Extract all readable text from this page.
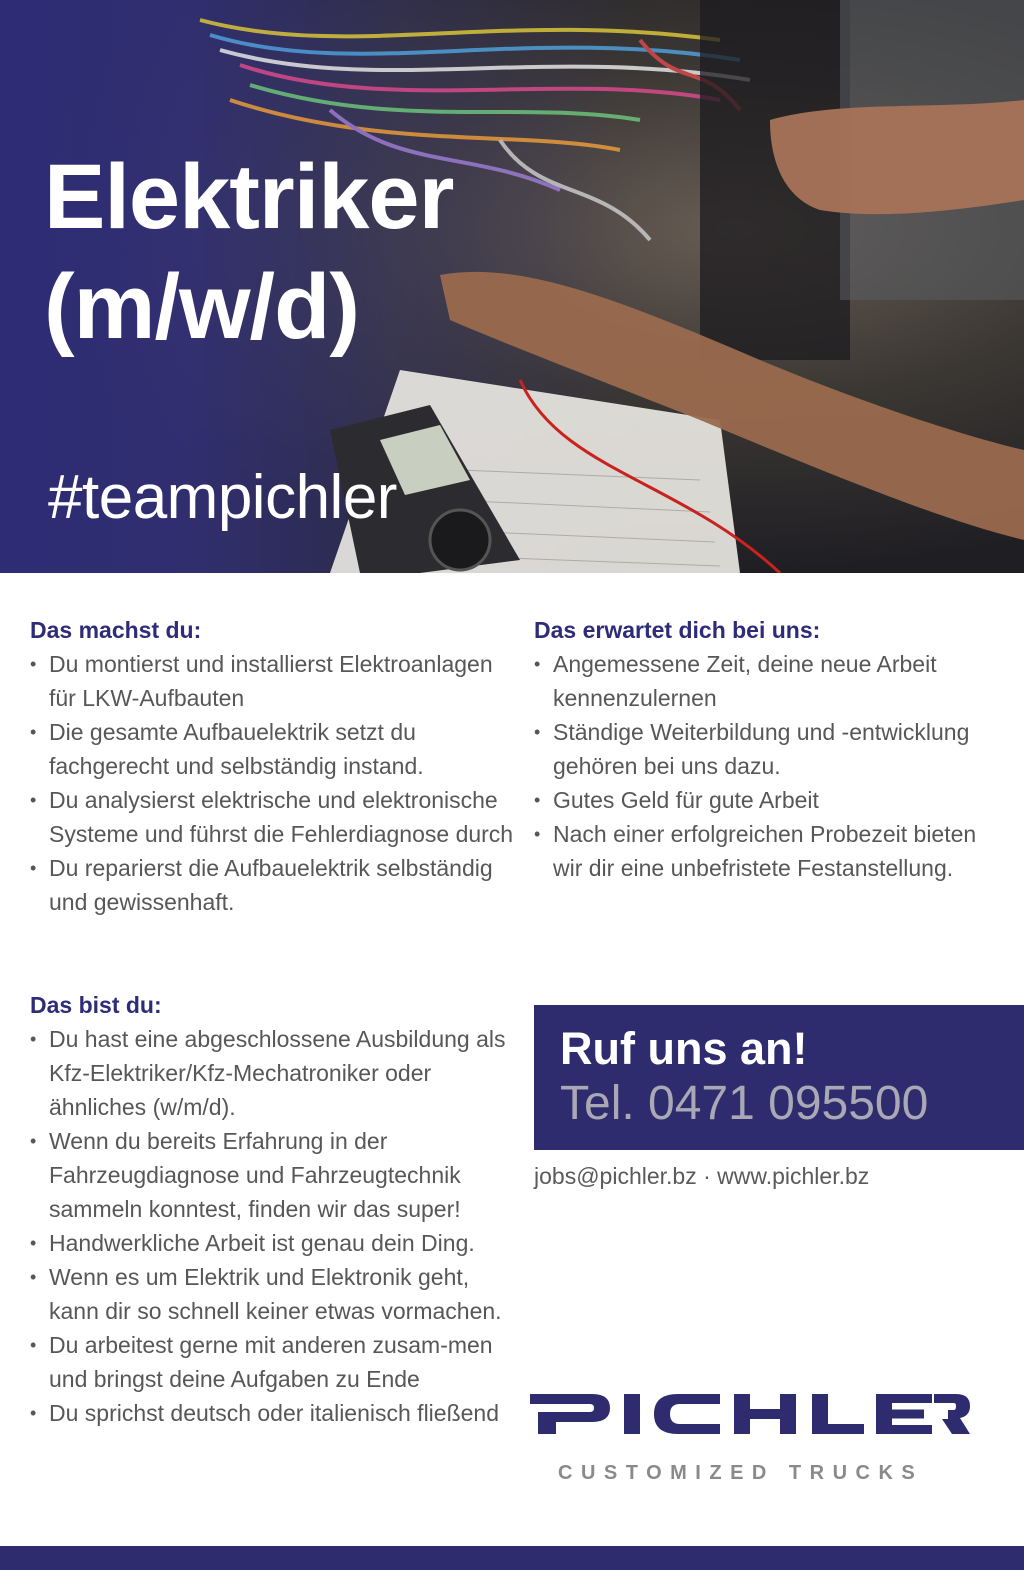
Elektriker
(m/w/d)
#teampichler
Das machst du:
• Du montierst und installierst Elektroanlagen für LKW-Aufbauten
• Die gesamte Aufbauelektrik setzt du fachgerecht und selbständig instand.
• Du analysierst elektrische und elektronische Systeme und führst die Fehlerdiagnose durch
• Du reparierst die Aufbauelektrik selbständig und gewissenhaft.
Das bist du:
• Du hast eine abgeschlossene Ausbildung als Kfz-Elektriker/Kfz-Mechatroniker oder ähnliches (w/m/d).
• Wenn du bereits Erfahrung in der Fahrzeugdiagnose und Fahrzeugtechnik sammeln konntest, finden wir das super!
• Handwerkliche Arbeit ist genau dein Ding.
• Wenn es um Elektrik und Elektronik geht, kann dir so schnell keiner etwas vormachen.
• Du arbeitest gerne mit anderen zusam-men und bringst deine Aufgaben zu Ende
• Du sprichst deutsch oder italienisch fließend
Das erwartet dich bei uns:
• Angemessene Zeit, deine neue Arbeit kennenzulernen
• Ständige Weiterbildung und -entwicklung gehören bei uns dazu.
• Gutes Geld für gute Arbeit
• Nach einer erfolgreichen Probezeit bieten wir dir eine unbefristete Festanstellung.
Ruf uns an!
Tel. 0471 095500
jobs@pichler.bz · www.pichler.bz
CUSTOMIZED TRUCKS
